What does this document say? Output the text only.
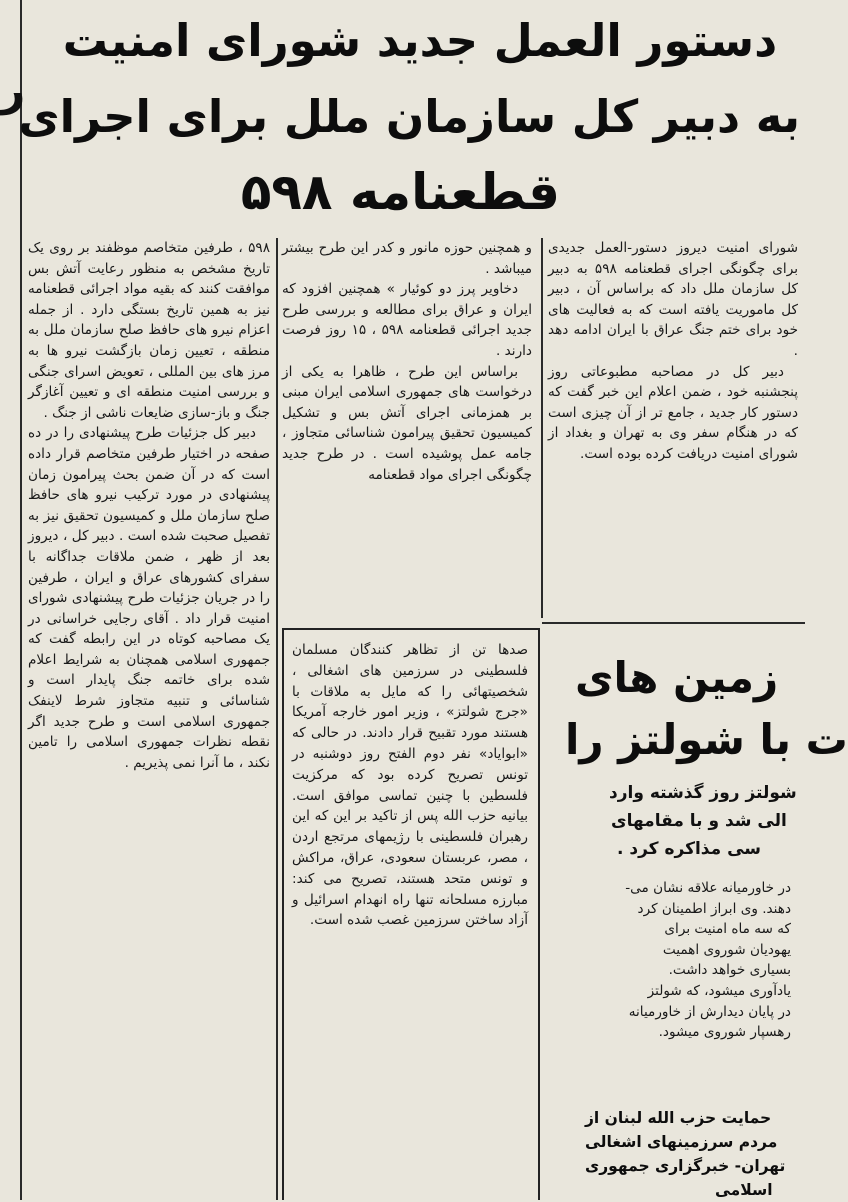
ر
دستور العمل جدید شورای امنیت
به دبیر کل سازمان ملل برای اجرای
قطعنامه ۵۹۸

شورای امنیت دیروز دستور-العمل جدیدی برای چگونگی اجرای قطعنامه ۵۹۸ به دبیر کل سازمان ملل داد که براساس آن ، دبیر کل ماموریت یافته است که به فعالیت های خود برای ختم جنگ عراق با ایران ادامه دهد .

دبیر کل در مصاحبه مطبوعاتی روز پنجشنبه خود ، ضمن اعلام این خبر گفت که دستور کار جدید ، جامع تر از آن چیزی است که در هنگام سفر وی به تهران و بغداد از شورای امنیت دریافت کرده بوده است.

و همچنین حوزه مانور و کدر این طرح بیشتر میباشد .

دخاویر پرز دو کوئیار » همچنین افزود که ایران و عراق برای مطالعه و بررسی طرح جدید اجرائی قطعنامه ۵۹۸ ، ۱۵ روز فرصت دارند .

براساس این طرح ، ظاهرا به یکی از درخواست های جمهوری اسلامی ایران مبنی بر همزمانی اجرای آتش بس و تشکیل کمیسیون تحقیق پیرامون شناسائی متجاوز ، جامه عمل پوشیده است . در طرح جدید چگونگی اجرای مواد قطعنامه

۵۹۸ ، طرفین متخاصم موظفند بر روی یک تاریخ مشخص به منظور رعایت آتش بس موافقت کنند که بقیه مواد اجرائی قطعنامه نیز به همین تاریخ بستگی دارد . از جمله اعزام نیرو های حافظ صلح سازمان ملل به منطقه ، تعیین زمان بازگشت نیرو ها به مرز های بین المللی ، تعویض اسرای جنگی و بررسی امنیت منطقه ای و تعیین آغازگر جنگ و باز-سازی ضایعات ناشی از جنگ .

دبیر کل جزئیات طرح پیشنهادی را در ده صفحه در اختیار طرفین متخاصم قرار داده است که در آن ضمن بحث پیرامون زمان پیشنهادی در مورد ترکیب نیرو های حافظ صلح سازمان ملل و کمیسیون تحقیق نیز به تفصیل صحبت شده است . دبیر کل ، دیروز بعد از ظهر ، ضمن ملاقات جداگانه با سفرای کشورهای عراق و ایران ، طرفین را در جریان جزئیات طرح پیشنهادی شورای امنیت قرار داد . آقای رجایی خراسانی در یک مصاحبه کوتاه در این رابطه گفت که جمهوری اسلامی همچنان به شرایط اعلام شده برای خاتمه جنگ پایدار است و شناسائی و تنبیه متجاوز شرط لاینفک جمهوری اسلامی است و طرح جدید اگر نقطه نظرات جمهوری اسلامی را تامین نکند ، ما آنرا نمی پذیریم .

صدها تن از تظاهر کنندگان مسلمان فلسطینی در سرزمین های اشغالی ، شخصیتهائی را که مایل به ملاقات با «جرج شولتز» ، وزیر امور خارجه آمریکا هستند مورد تقبیح قرار دادند. در حالی که «ابوایاد» نفر دوم الفتح روز دوشنبه در تونس تصریح کرده بود که مرکزیت فلسطین با چنین تماسی موافق است. بیانیه حزب الله پس از تاکید بر این که این رهبران فلسطینی با رژیمهای مرتجع اردن ، مصر، عربستان سعودی، عراق، مراکش و تونس متحد هستند، تصریح می کند: مبارزه مسلحانه تنها راه انهدام اسرائیل و آزاد ساختن سرزمین غصب شده است.
زمین های
ت با شولتز را
شولتز روز گذشته وارد
الی شد و با مقامهای
سی مذاکره کرد .
در خاورمیانه علاقه نشان می-
دهند. وی ابراز اطمینان کرد
که سه ماه امنیت برای
یهودیان شوروی اهمیت
بسیاری خواهد داشت.
یادآوری میشود، که شولتز
در پایان دیدارش از خاورمیانه
رهسپار شوروی میشود.
حمایت حزب الله لبنان از
مردم سرزمینهای اشغالی
تهران- خبرگزاری جمهوری
اسلامی
